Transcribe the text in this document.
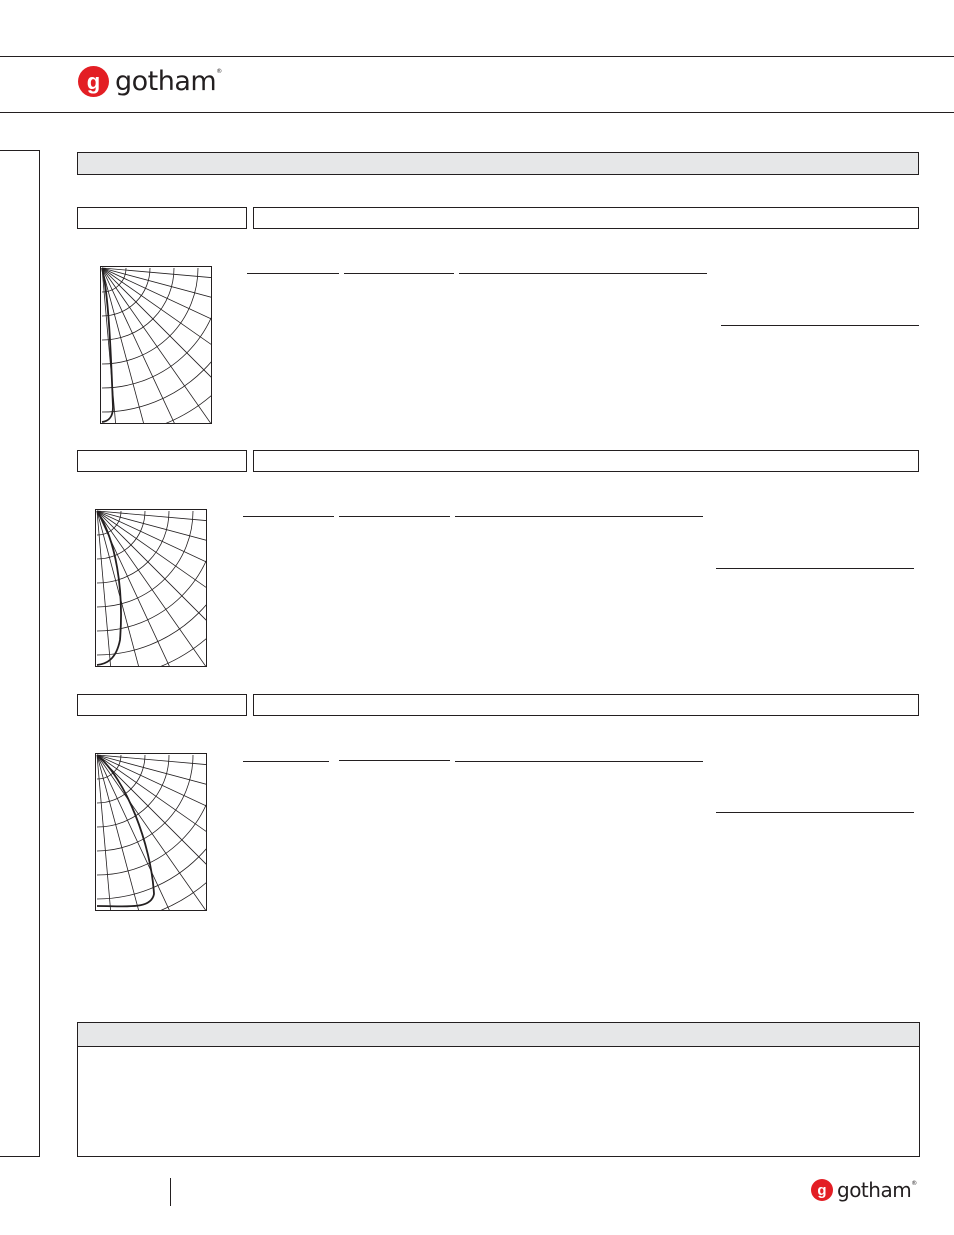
g gotham®
g gotham®
